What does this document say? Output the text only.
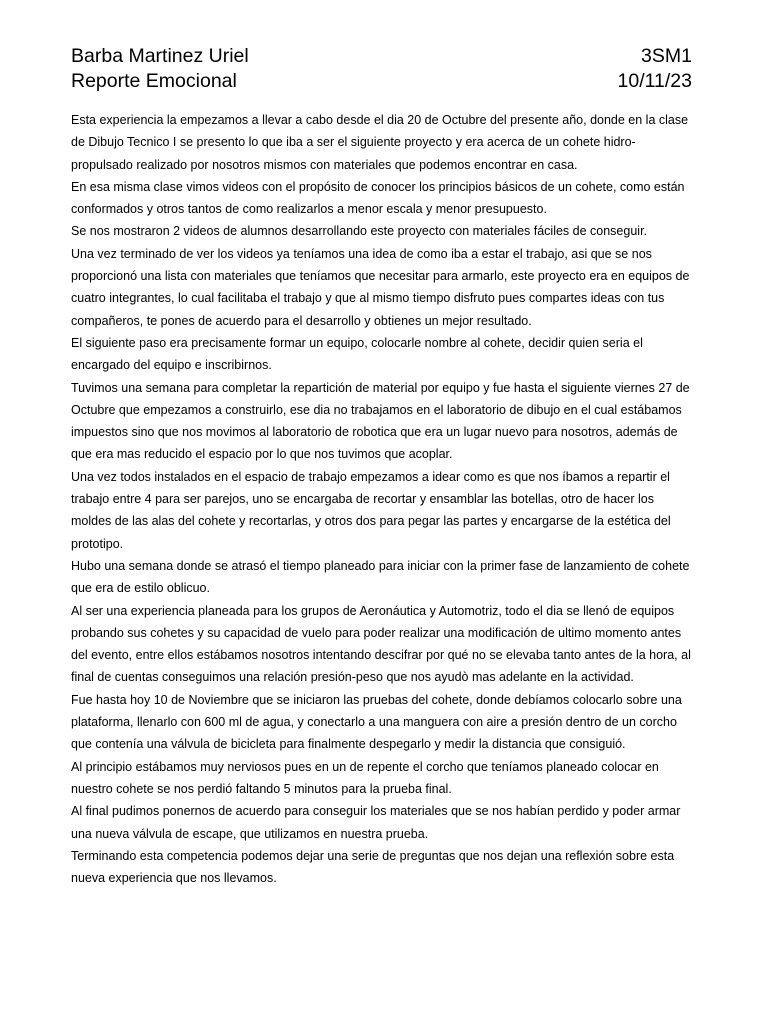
Barba Martinez Uriel	3SM1
Reporte Emocional	10/11/23

Esta experiencia la empezamos a llevar a cabo desde el dia 20 de Octubre del presente año, donde en la clase de Dibujo Tecnico I se presento lo que iba a ser el siguiente proyecto y era acerca de un cohete hidro-propulsado realizado por nosotros mismos con materiales que podemos encontrar en casa.

En esa misma clase vimos videos con el propósito de conocer los principios básicos de un cohete, como están conformados y otros tantos de como realizarlos a menor escala y menor presupuesto.

Se nos mostraron 2 videos de alumnos desarrollando este proyecto con materiales fáciles de conseguir.

Una vez terminado de ver los videos ya teníamos una idea de como iba a estar el trabajo, asi que se nos proporcionó una lista con materiales que teníamos que necesitar para armarlo, este proyecto era en equipos de cuatro integrantes, lo cual facilitaba el trabajo y que al mismo tiempo disfruto pues compartes ideas con tus compañeros, te pones de acuerdo para el desarrollo y obtienes un mejor resultado.

El siguiente paso era precisamente formar un equipo, colocarle nombre al cohete, decidir quien seria el encargado del equipo e inscribirnos.

Tuvimos una semana para completar la repartición de material por equipo y fue hasta el siguiente viernes 27 de Octubre que empezamos a construirlo, ese dia no trabajamos en el laboratorio de dibujo en el cual estábamos impuestos sino que nos movimos al laboratorio de robotica que era un lugar nuevo para nosotros, además de que era mas reducido el espacio por lo que nos tuvimos que acoplar.

Una vez todos instalados en el espacio de trabajo empezamos a idear como es que nos íbamos a repartir el trabajo entre 4 para ser parejos, uno se encargaba de recortar y ensamblar las botellas, otro de hacer los moldes de las alas del cohete y recortarlas, y otros dos para pegar las partes y encargarse de la estética del prototipo.

Hubo una semana donde se atrasó el tiempo planeado para iniciar con la primer fase de lanzamiento de cohete que era de estilo oblicuo.

Al ser una experiencia planeada para los grupos de Aeronáutica y Automotriz, todo el dia se llenó de equipos probando sus cohetes y su capacidad de vuelo para poder realizar una modificación de ultimo momento antes del evento, entre ellos estábamos nosotros intentando descifrar por qué no se elevaba tanto antes de la hora, al final de cuentas conseguimos una relación presión-peso que nos ayudò mas adelante en la actividad.

Fue hasta hoy 10 de Noviembre que se iniciaron las pruebas del cohete, donde debíamos colocarlo sobre una plataforma, llenarlo con 600 ml de agua, y conectarlo a una manguera con aire a presión dentro de un corcho que contenía una válvula de bicicleta para finalmente despegarlo y medir la distancia que consiguió.

Al principio estábamos muy nerviosos pues en un de repente el corcho que teníamos planeado colocar en nuestro cohete se nos perdió faltando 5 minutos para la prueba final.

Al final pudimos ponernos de acuerdo para conseguir los materiales que se nos habían perdido y poder armar una nueva válvula de escape, que utilizamos en nuestra prueba.

Terminando esta competencia podemos dejar una serie de preguntas que nos dejan una reflexión sobre esta nueva experiencia que nos llevamos.
